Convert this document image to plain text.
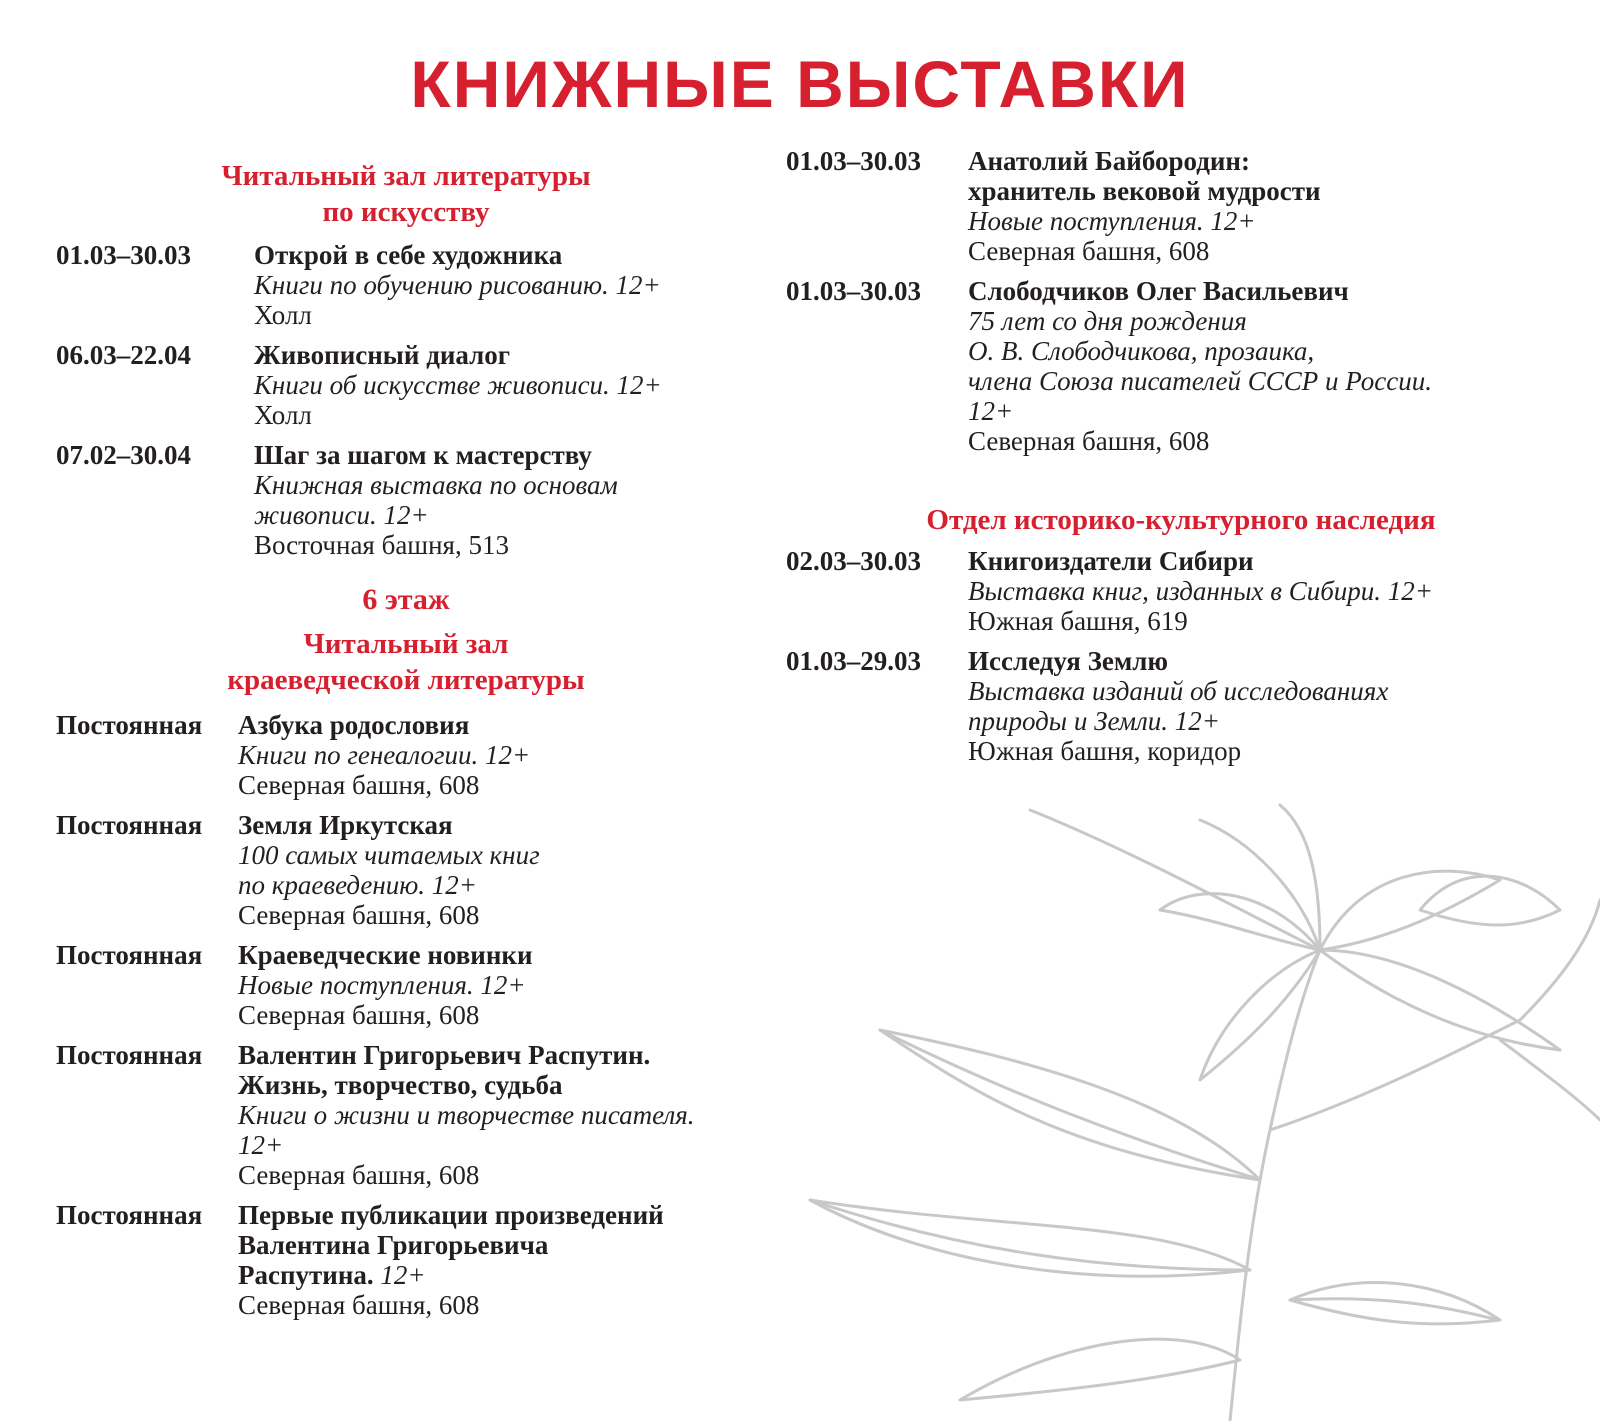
КНИЖНЫЕ ВЫСТАВКИ
Читальный зал литературы
по искусству
01.03–30.03	Открой в себе художника
Книги по обучению рисованию. 12+
Холл
06.03–22.04	Живописный диалог
Книги об искусстве живописи. 12+
Холл
07.02–30.04	Шаг за шагом к мастерству
Книжная выставка по основам
живописи. 12+
Восточная башня, 513
6 этаж
Читальный зал
краеведческой литературы
Постоянная	Азбука родословия
Книги по генеалогии. 12+
Северная башня, 608
Постоянная	Земля Иркутская
100 самых читаемых книг
по краеведению. 12+
Северная башня, 608
Постоянная	Краеведческие новинки
Новые поступления. 12+
Северная башня, 608
Постоянная	Валентин Григорьевич Распутин.
Жизнь, творчество, судьба
Книги о жизни и творчестве писателя.
12+
Северная башня, 608
Постоянная	Первые публикации произведений
Валентина Григорьевича
Распутина. 12+
Северная башня, 608
01.03–30.03	Анатолий Байбородин:
хранитель вековой мудрости
Новые поступления. 12+
Северная башня, 608
01.03–30.03	Слободчиков Олег Васильевич
75 лет со дня рождения
О. В. Слободчикова, прозаика,
члена Союза писателей СССР и России.
12+
Северная башня, 608
Отдел историко-культурного наследия
02.03–30.03	Книгоиздатели Сибири
Выставка книг, изданных в Сибири. 12+
Южная башня, 619
01.03–29.03	Исследуя Землю
Выставка изданий об исследованиях
природы и Земли. 12+
Южная башня, коридор
